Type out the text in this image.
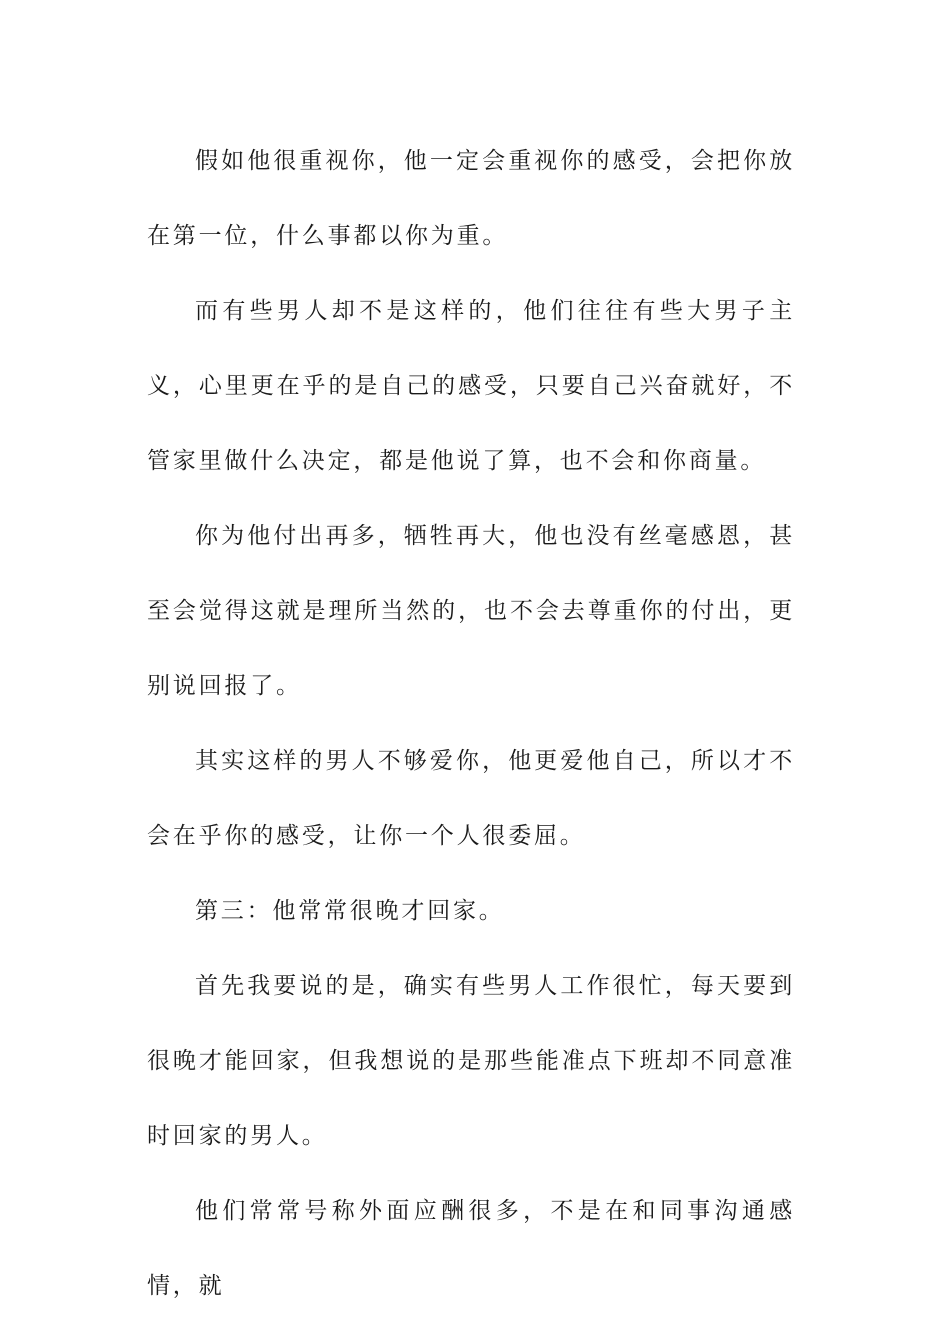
假如他很重视你，他一定会重视你的感受，会把你放在第一位，什么事都以你为重。

而有些男人却不是这样的，他们往往有些大男子主义，心里更在乎的是自己的感受，只要自己兴奋就好，不管家里做什么决定，都是他说了算，也不会和你商量。

你为他付出再多，牺牲再大，他也没有丝毫感恩，甚至会觉得这就是理所当然的，也不会去尊重你的付出，更别说回报了。

其实这样的男人不够爱你，他更爱他自己，所以才不会在乎你的感受，让你一个人很委屈。

第三：他常常很晚才回家。

首先我要说的是，确实有些男人工作很忙，每天要到很晚才能回家，但我想说的是那些能准点下班却不同意准时回家的男人。

他们常常号称外面应酬很多，不是在和同事沟通感情，就
